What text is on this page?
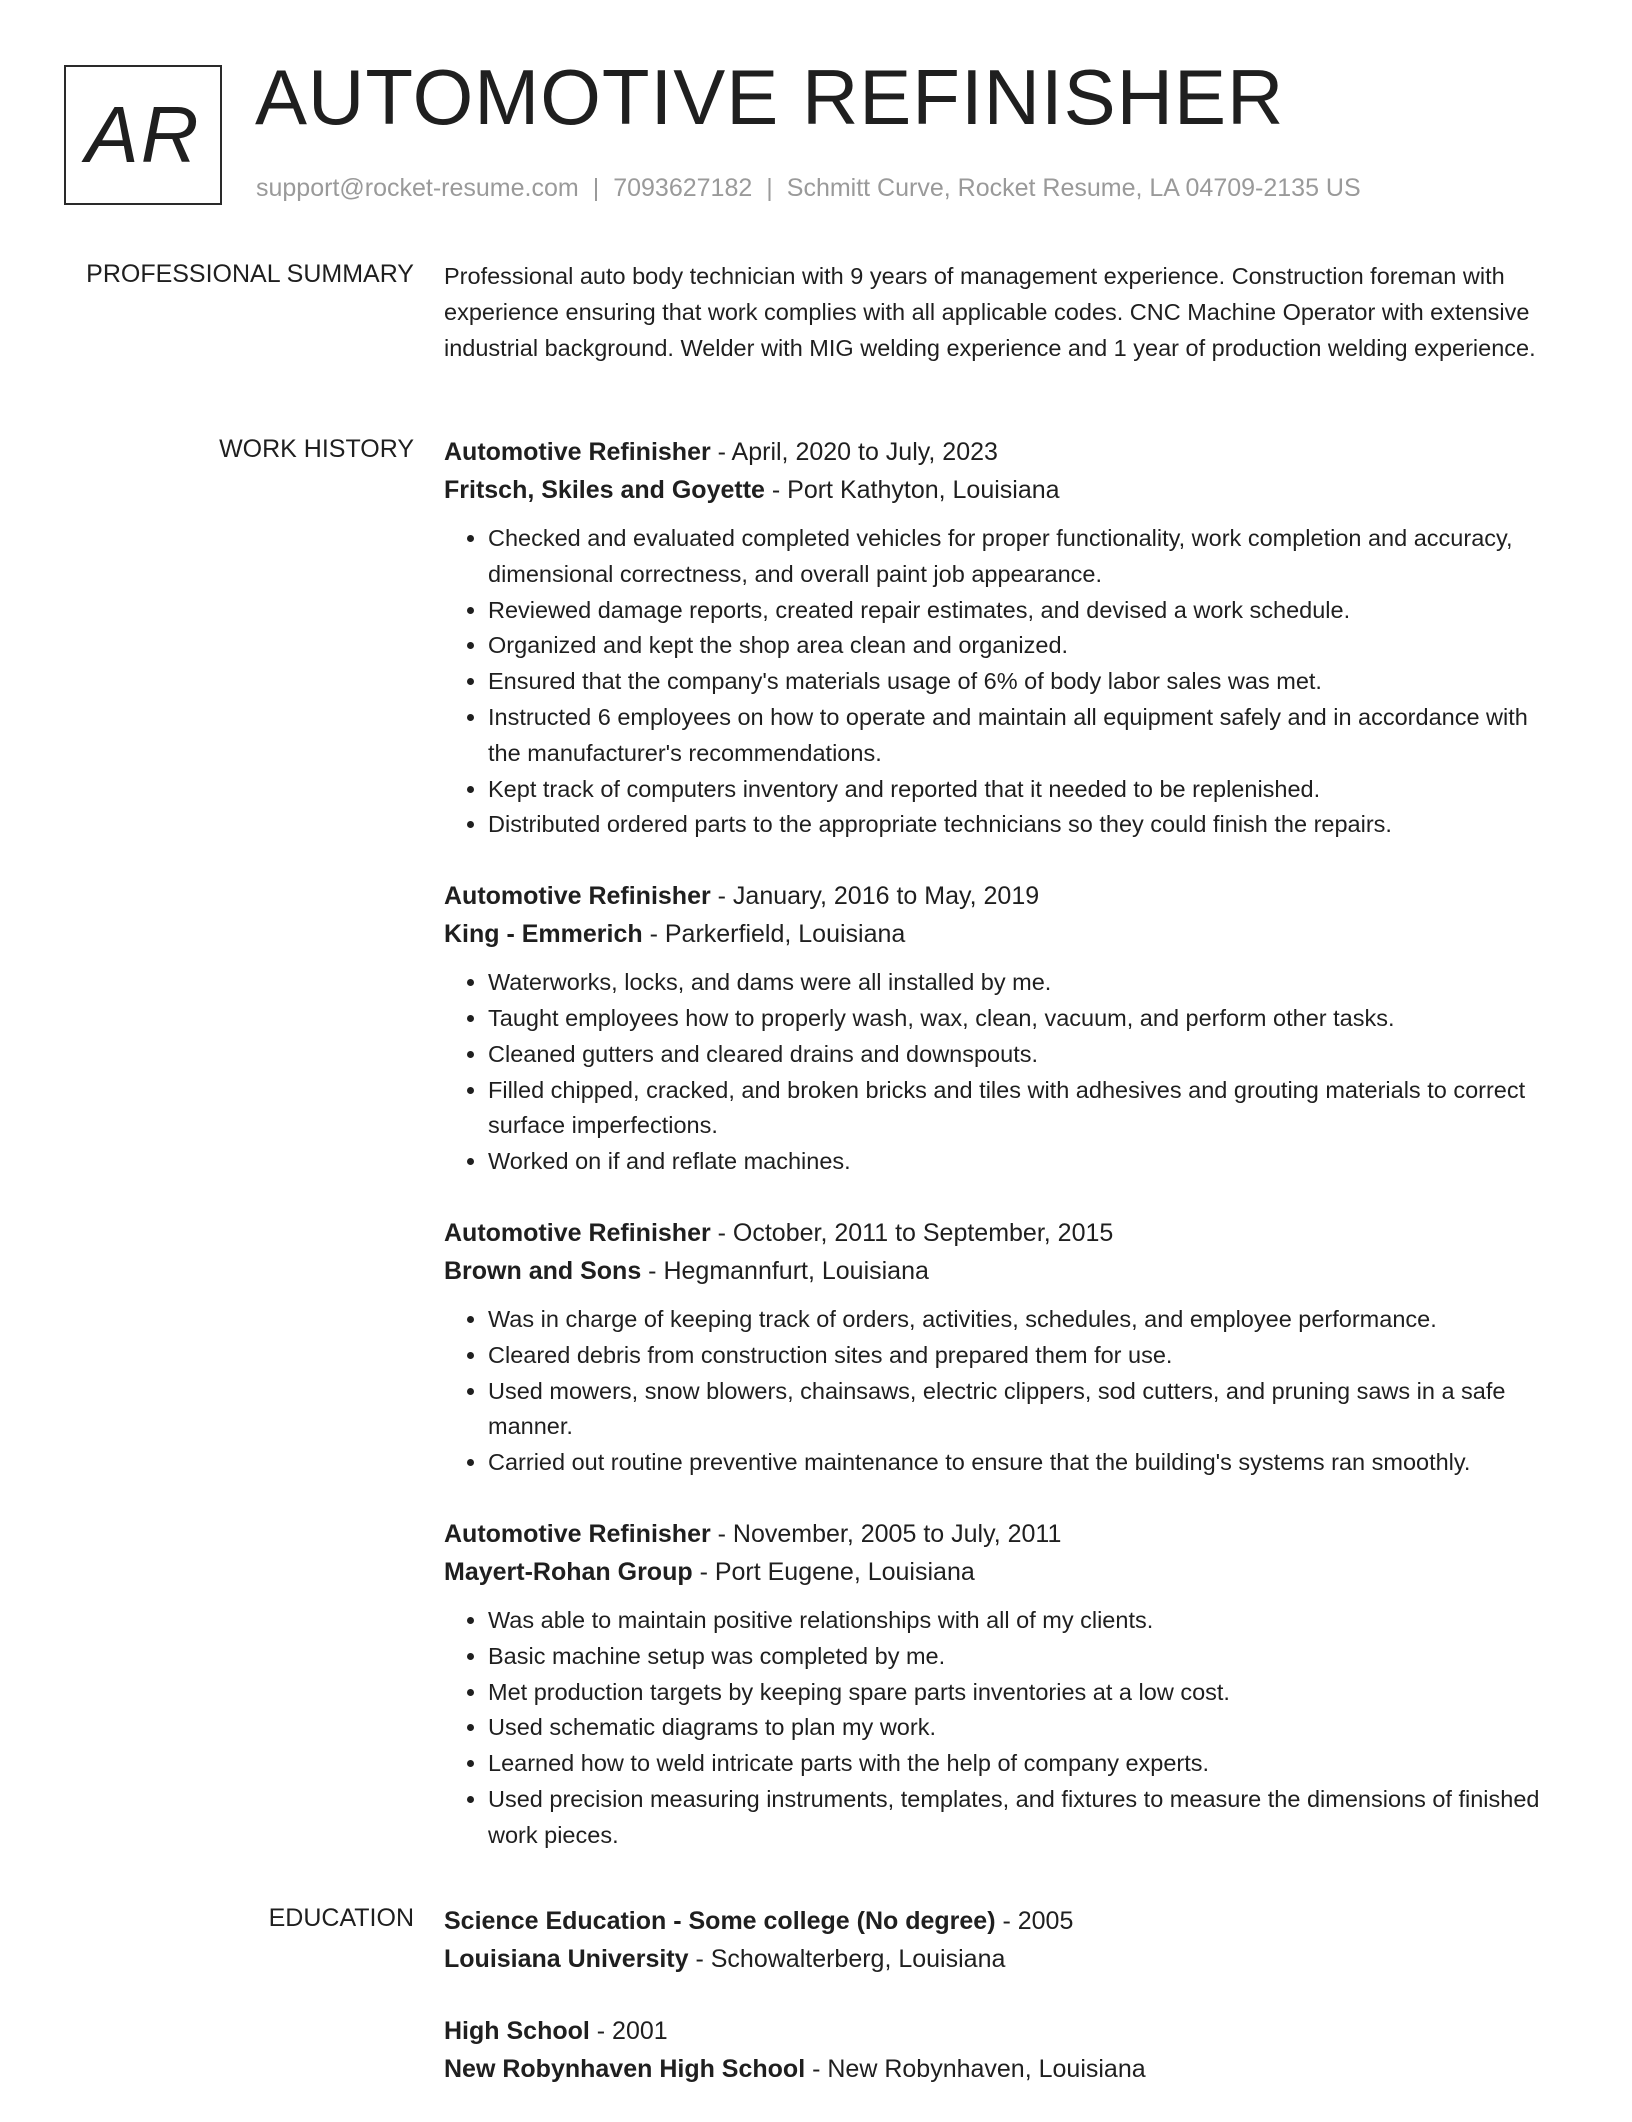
AR AUTOMOTIVE REFINISHER
support@rocket-resume.com | 7093627182 | Schmitt Curve, Rocket Resume, LA 04709-2135 US
PROFESSIONAL SUMMARY Professional auto body technician with 9 years of management experience. Construction foreman with experience ensuring that work complies with all applicable codes. CNC Machine Operator with extensive industrial background. Welder with MIG welding experience and 1 year of production welding experience.

WORK HISTORY Automotive Refinisher - April, 2020 to July, 2023
Fritsch, Skiles and Goyette - Port Kathyton, Louisiana
• Checked and evaluated completed vehicles for proper functionality, work completion and accuracy, dimensional correctness, and overall paint job appearance.
• Reviewed damage reports, created repair estimates, and devised a work schedule.
• Organized and kept the shop area clean and organized.
• Ensured that the company's materials usage of 6% of body labor sales was met.
• Instructed 6 employees on how to operate and maintain all equipment safely and in accordance with the manufacturer's recommendations.
• Kept track of computers inventory and reported that it needed to be replenished.
• Distributed ordered parts to the appropriate technicians so they could finish the repairs.
Automotive Refinisher - January, 2016 to May, 2019
King - Emmerich - Parkerfield, Louisiana
• Waterworks, locks, and dams were all installed by me.
• Taught employees how to properly wash, wax, clean, vacuum, and perform other tasks.
• Cleaned gutters and cleared drains and downspouts.
• Filled chipped, cracked, and broken bricks and tiles with adhesives and grouting materials to correct surface imperfections.
• Worked on if and reflate machines.
Automotive Refinisher - October, 2011 to September, 2015
Brown and Sons - Hegmannfurt, Louisiana
• Was in charge of keeping track of orders, activities, schedules, and employee performance.
• Cleared debris from construction sites and prepared them for use.
• Used mowers, snow blowers, chainsaws, electric clippers, sod cutters, and pruning saws in a safe manner.
• Carried out routine preventive maintenance to ensure that the building's systems ran smoothly.
Automotive Refinisher - November, 2005 to July, 2011
Mayert-Rohan Group - Port Eugene, Louisiana
• Was able to maintain positive relationships with all of my clients.
• Basic machine setup was completed by me.
• Met production targets by keeping spare parts inventories at a low cost.
• Used schematic diagrams to plan my work.
• Learned how to weld intricate parts with the help of company experts.
• Used precision measuring instruments, templates, and fixtures to measure the dimensions of finished work pieces.
EDUCATION Science Education - Some college (No degree) - 2005
Louisiana University - Schowalterberg, Louisiana
High School - 2001
New Robynhaven High School - New Robynhaven, Louisiana
